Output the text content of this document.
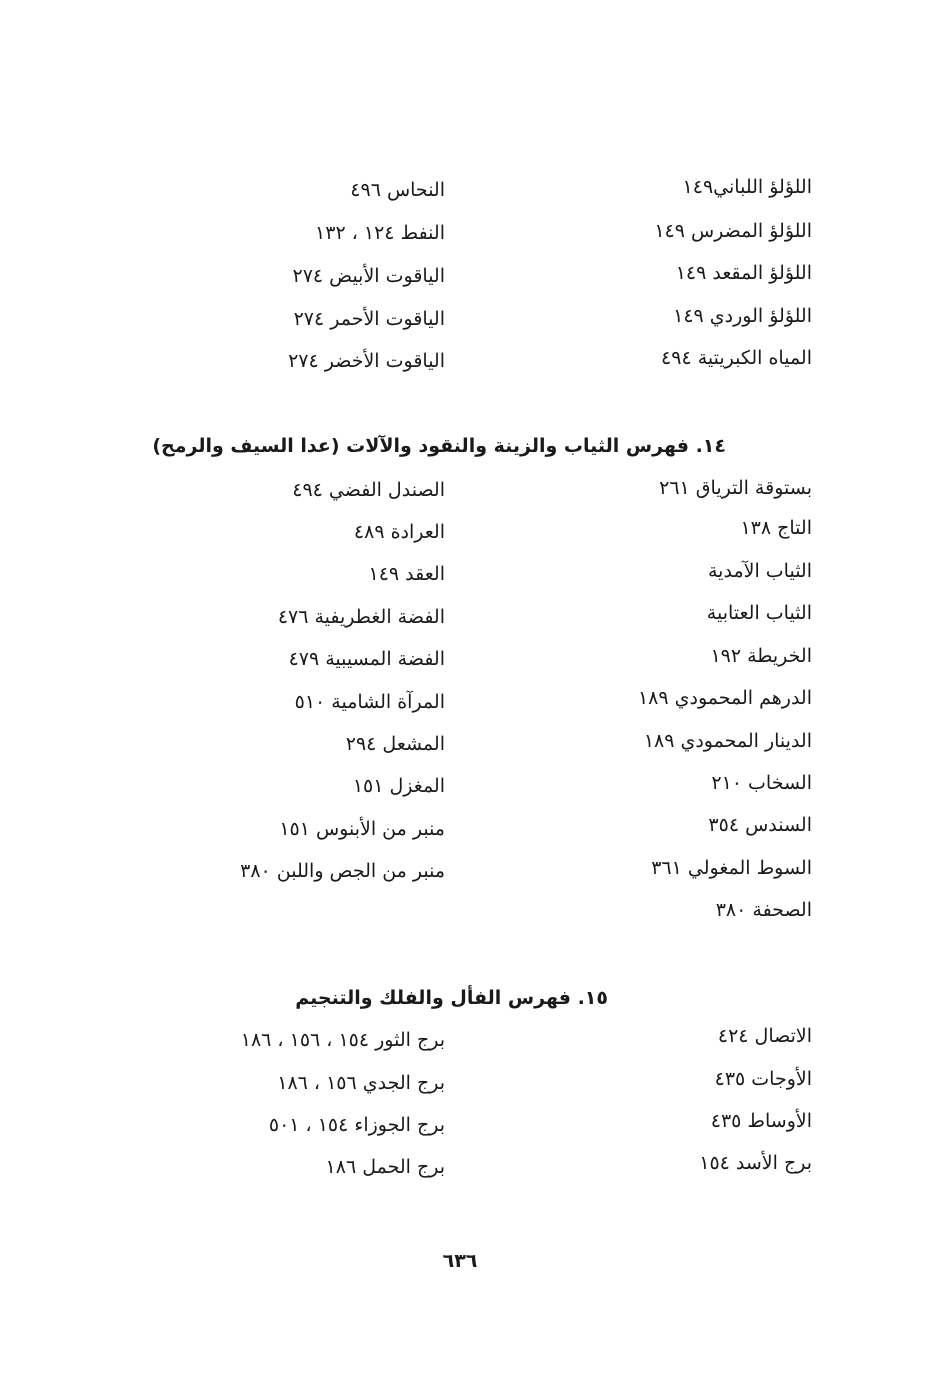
اللؤلؤ اللباني١٤٩
اللؤلؤ المضرس ١٤٩
اللؤلؤ المقعد ١٤٩
اللؤلؤ الوردي ١٤٩
المياه الكبريتية ٤٩٤
النحاس ٤٩٦
النفط ١٢٤ ، ١٣٢
الياقوت الأبيض ٢٧٤
الياقوت الأحمر ٢٧٤
الياقوت الأخضر ٢٧٤
١٤. فهرس الثياب والزينة والنقود والآلات (عدا السيف والرمح)
بستوقة الترياق ٢٦١
التاج ١٣٨
الثياب الآمدية
الثياب العتابية
الخريطة ١٩٢
الدرهم المحمودي ١٨٩
الدينار المحمودي ١٨٩
السخاب ٢١٠
السندس ٣٥٤
السوط المغولي ٣٦١
الصحفة ٣٨٠
الصندل الفضي ٤٩٤
العرادة ٤٨٩
العقد ١٤٩
الفضة الغطريفية ٤٧٦
الفضة المسيبية ٤٧٩
المرآة الشامية ٥١٠
المشعل ٢٩٤
المغزل ١٥١
منبر من الأبنوس ١٥١
منبر من الجص واللبن ٣٨٠
١٥. فهرس الفأل والفلك والتنجيم
الاتصال ٤٢٤
الأوجات ٤٣٥
الأوساط ٤٣٥
برج الأسد ١٥٤
برج الثور ١٥٤ ، ١٥٦ ، ١٨٦
برج الجدي ١٥٦ ، ١٨٦
برج الجوزاء ١٥٤ ، ٥٠١
برج الحمل ١٨٦
٦٣٦
